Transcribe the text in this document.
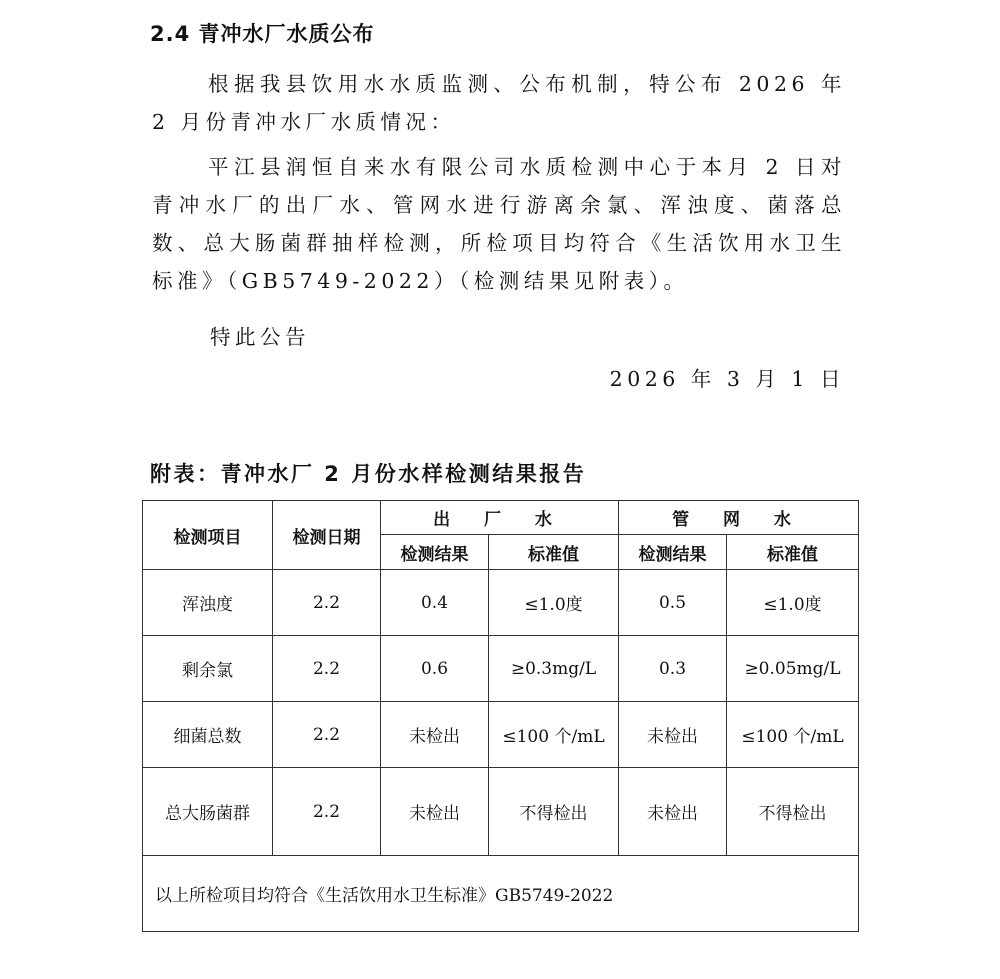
2.4 青冲水厂水质公布
根据我县饮用水水质监测、公布机制，特公布 2026 年 2 月份青冲水厂水质情况：
平江县润恒自来水有限公司水质检测中心于本月 2 日对青冲水厂的出厂水、管网水进行游离余氯、浑浊度、菌落总数、总大肠菌群抽样检测，所检项目均符合《生活饮用水卫生标准》（GB5749-2022）（检测结果见附表）。
特此公告
2026 年 3 月 1 日
附表：青冲水厂 2 月份水样检测结果报告
检测项目	检测日期	出 厂 水		管 网 水	
		检测结果	标准值	检测结果	标准值
浑浊度	2.2	0.4	≤1.0度	0.5	≤1.0度
剩余氯	2.2	0.6	≥0.3mg/L	0.3	≥0.05mg/L
细菌总数	2.2	未检出	≤100 个/mL	未检出	≤100 个/mL
总大肠菌群	2.2	未检出	不得检出	未检出	不得检出
以上所检项目均符合《生活饮用水卫生标准》GB5749-2022					
